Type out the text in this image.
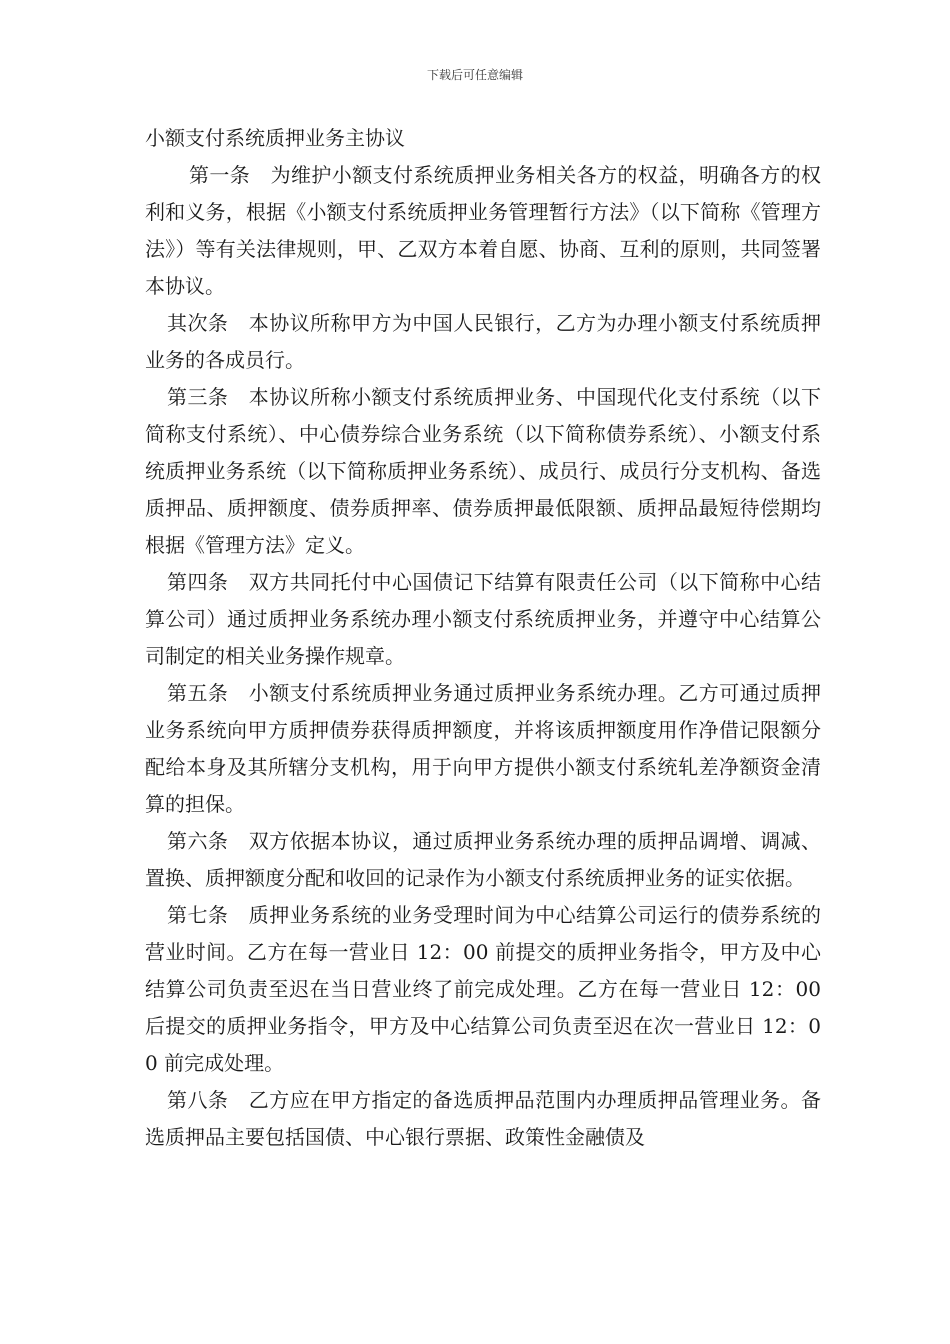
下载后可任意编辑
小额支付系统质押业务主协议

第一条　为维护小额支付系统质押业务相关各方的权益，明确各方的权利和义务，根据《小额支付系统质押业务管理暂行方法》（以下简称《管理方法》）等有关法律规则，甲、乙双方本着自愿、协商、互利的原则，共同签署本协议。

其次条　本协议所称甲方为中国人民银行，乙方为办理小额支付系统质押业务的各成员行。

第三条　本协议所称小额支付系统质押业务、中国现代化支付系统（以下简称支付系统）、中心债券综合业务系统（以下简称债券系统）、小额支付系统质押业务系统（以下简称质押业务系统）、成员行、成员行分支机构、备选质押品、质押额度、债券质押率、债券质押最低限额、质押品最短待偿期均根据《管理方法》定义。

第四条　双方共同托付中心国债记下结算有限责任公司（以下简称中心结算公司）通过质押业务系统办理小额支付系统质押业务，并遵守中心结算公司制定的相关业务操作规章。

第五条　小额支付系统质押业务通过质押业务系统办理。乙方可通过质押业务系统向甲方质押债券获得质押额度，并将该质押额度用作净借记限额分配给本身及其所辖分支机构，用于向甲方提供小额支付系统轧差净额资金清算的担保。

第六条　双方依据本协议，通过质押业务系统办理的质押品调增、调减、置换、质押额度分配和收回的记录作为小额支付系统质押业务的证实依据。

第七条　质押业务系统的业务受理时间为中心结算公司运行的债券系统的营业时间。乙方在每一营业日 12：00 前提交的质押业务指令，甲方及中心结算公司负责至迟在当日营业终了前完成处理。乙方在每一营业日 12：00 后提交的质押业务指令，甲方及中心结算公司负责至迟在次一营业日 12：00 前完成处理。

第八条　乙方应在甲方指定的备选质押品范围内办理质押品管理业务。备选质押品主要包括国债、中心银行票据、政策性金融债及
